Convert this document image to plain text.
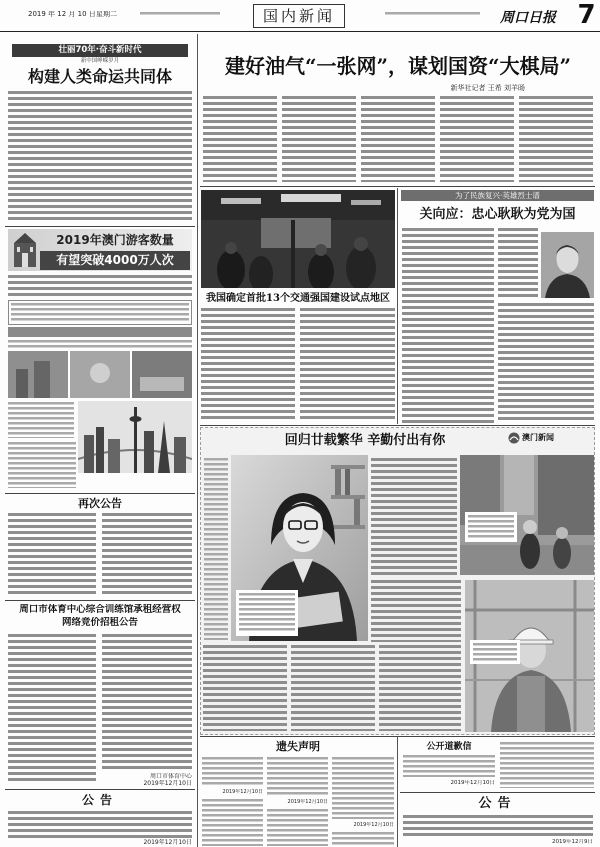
2019 年 12 月 10 日 星期二	国内新闻	周口日报 7
壮丽70年·奋斗新时代
新中国峥嵘岁月
构建人类命运共同体
2019年澳门游客数量
有望突破4000万人次
再次公告
周口市体育中心综合训练馆承租经营权
网络竞价招租公告
周口市体育中心
2019年12月10日
公告
2019年12月10日
建好油气“一张网”，谋划国资“大棋局”
新华社记者 王希 刘羊旸
我国确定首批13个交通强国建设试点地区
为了民族复兴·英雄烈士谱
关向应：忠心耿耿为党为国
回归廿载繁华 辛勤付出有你	澳门新闻
遗失声明
2019年12月10日
2019年12月10日
2019年12月10日
公开道歉信
2019年12月10日
公告
2019年12月9日
